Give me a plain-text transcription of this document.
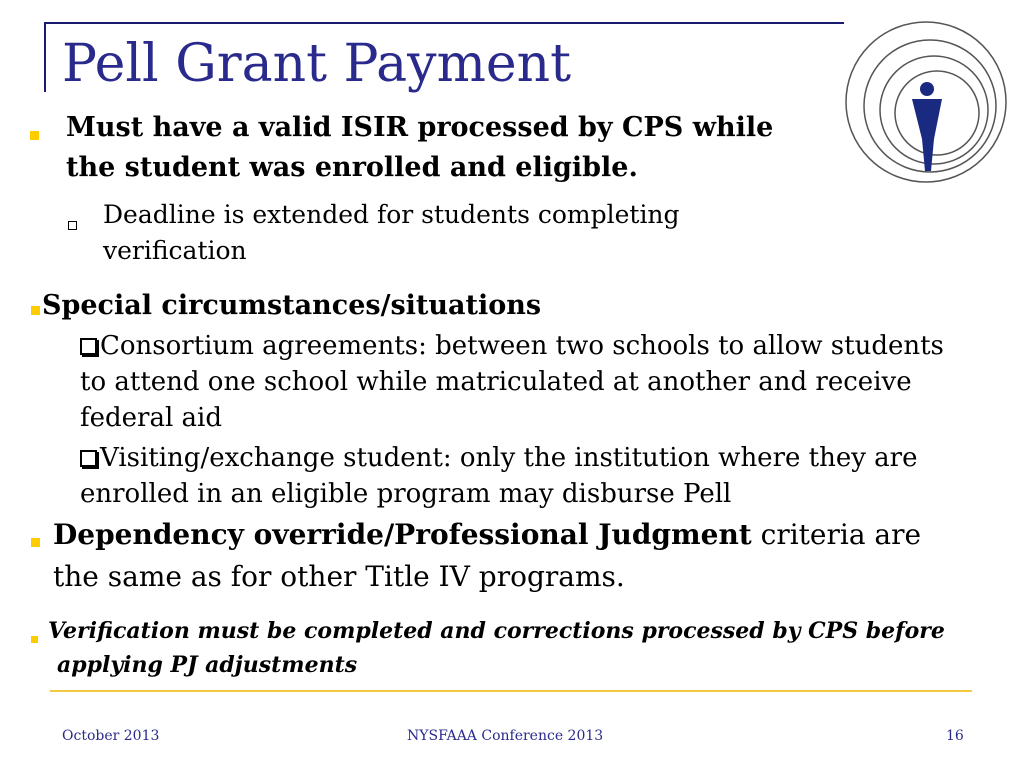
Pell Grant Payment
Must have a valid ISIR processed by CPS while
the student was enrolled and eligible.
Deadline is extended for students completing
verification
Special circumstances/situations
Consortium agreements: between two schools to allow students
to attend one school while matriculated at another and receive
federal aid
Visiting/exchange student: only the institution where they are
enrolled in an eligible program may disburse Pell
Dependency override/Professional Judgment criteria are
the same as for other Title IV programs.
Verification must be completed and corrections processed by CPS before
applying PJ adjustments
October 2013	NYSFAAA Conference 2013	16
